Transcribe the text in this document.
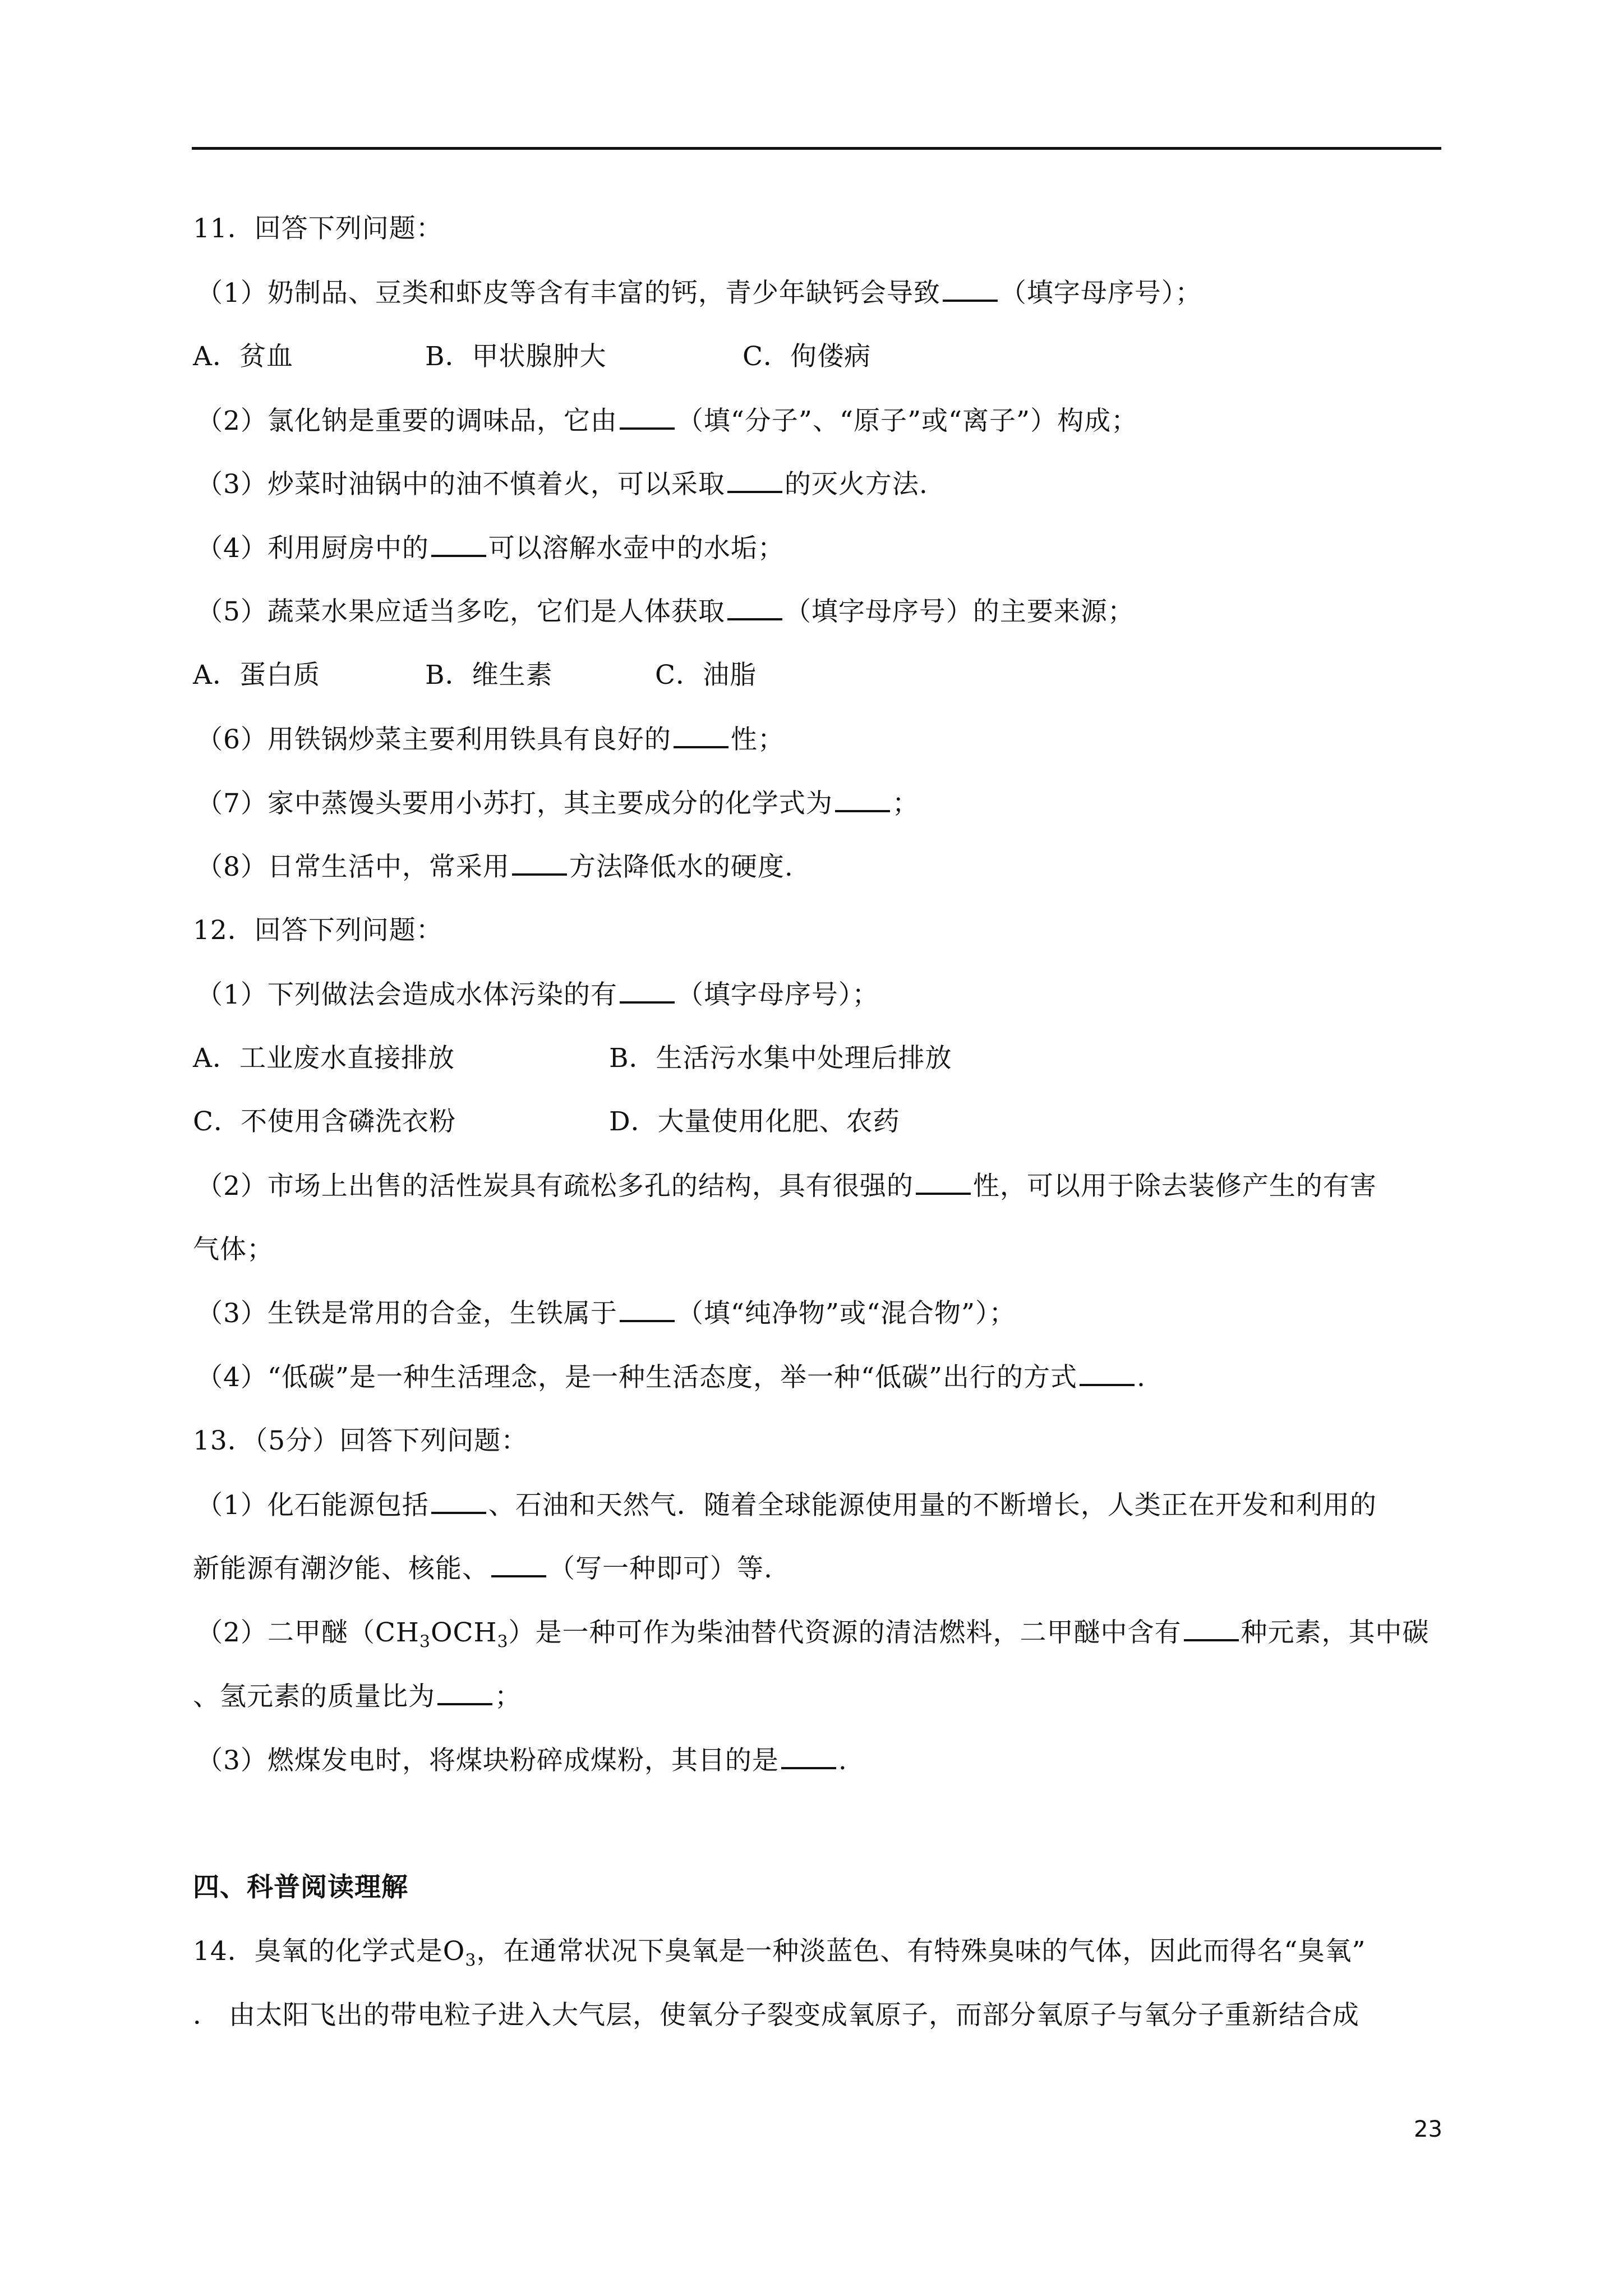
11．回答下列问题：
（1）奶制品、豆类和虾皮等含有丰富的钙，青少年缺钙会导致 （填字母序号）；
A．贫血	B．甲状腺肿大	C．佝偻病
（2）氯化钠是重要的调味品，它由 （填“分子”、“原子”或“离子”）构成；
（3）炒菜时油锅中的油不慎着火，可以采取 的灭火方法.
（4）利用厨房中的 可以溶解水壶中的水垢；
（5）蔬菜水果应适当多吃，它们是人体获取 （填字母序号）的主要来源；
A．蛋白质	B．维生素	C．油脂
（6）用铁锅炒菜主要利用铁具有良好的 性；
（7）家中蒸馒头要用小苏打，其主要成分的化学式为 ；
（8）日常生活中，常采用 方法降低水的硬度.
12．回答下列问题：
（1）下列做法会造成水体污染的有 （填字母序号）；
A．工业废水直接排放	B．生活污水集中处理后排放
C．不使用含磷洗衣粉	D．大量使用化肥、农药
（2）市场上出售的活性炭具有疏松多孔的结构，具有很强的 性，可以用于除去装修产生的有害
气体；
（3）生铁是常用的合金，生铁属于 （填“纯净物”或“混合物”）；
（4）“低碳”是一种生活理念，是一种生活态度，举一种“低碳”出行的方式 .
13．（5分）回答下列问题：
（1）化石能源包括 、石油和天然气．随着全球能源使用量的不断增长，人类正在开发和利用的
新能源有潮汐能、核能、 （写一种即可）等.
（2）二甲醚$(CH_3OCH_3)$是一种可作为柴油替代资源的清洁燃料，二甲醚中含有 种元素，其中碳
、氢元素的质量比为 ；
（3）燃煤发电时，将煤块粉碎成煤粉，其目的是 .
四、科普阅读理解
14．臭氧的化学式是$O_3$，在通常状况下臭氧是一种淡蓝色、有特殊臭味的气体，因此而得名“臭氧”
． 由太阳飞出的带电粒子进入大气层，使氧分子裂变成氧原子，而部分氧原子与氧分子重新结合成
23
